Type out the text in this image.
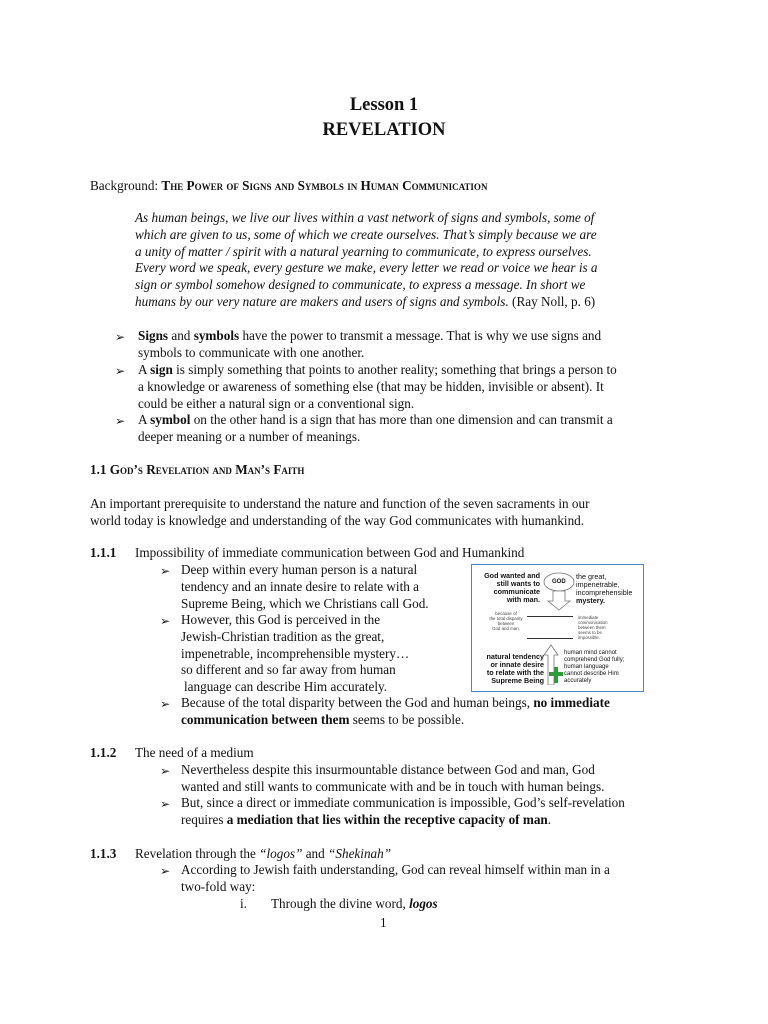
Lesson 1
REVELATION
Background: The Power of Signs and Symbols in Human Communication
As human beings, we live our lives within a vast network of signs and symbols, some of
which are given to us, some of which we create ourselves. That’s simply because we are
a unity of matter / spirit with a natural yearning to communicate, to express ourselves.
Every word we speak, every gesture we make, every letter we read or voice we hear is a
sign or symbol somehow designed to communicate, to express a message. In short we
humans by our very nature are makers and users of signs and symbols. (Ray Noll, p. 6)
➢ Signs and symbols have the power to transmit a message. That is why we use signs and
symbols to communicate with one another.
➢ A sign is simply something that points to another reality; something that brings a person to
a knowledge or awareness of something else (that may be hidden, invisible or absent). It
could be either a natural sign or a conventional sign.
➢ A symbol on the other hand is a sign that has more than one dimension and can transmit a
deeper meaning or a number of meanings.
1.1 God’s Revelation and Man’s Faith
An important prerequisite to understand the nature and function of the seven sacraments in our
world today is knowledge and understanding of the way God communicates with humankind.
1.1.1 Impossibility of immediate communication between God and Humankind
➢ Deep within every human person is a natural
tendency and an innate desire to relate with a
Supreme Being, which we Christians call God.
➢ However, this God is perceived in the
Jewish-Christian tradition as the great,
impenetrable, incomprehensible mystery…
so different and so far away from human
language can describe Him accurately.
➢ Because of the total disparity between the God and human beings, no immediate
communication between them seems to be possible.
God wanted and
still wants to
communicate
with man.
GOD
the great,
impenetrable,
incomprehensible
mystery.
because of
the total disparity
between
God and man,
immediate
communication
between them
seems to be
impossible.
natural tendency
or innate desire
to relate with the
Supreme Being
human mind cannot
comprehend God fully;
human language
cannot describe Him
accurately
1.1.2 The need of a medium
➢ Nevertheless despite this insurmountable distance between God and man, God
wanted and still wants to communicate with and be in touch with human beings.
➢ But, since a direct or immediate communication is impossible, God’s self-revelation
requires a mediation that lies within the receptive capacity of man.
1.1.3 Revelation through the “logos” and “Shekinah”
➢ According to Jewish faith understanding, God can reveal himself within man in a
two-fold way:
i. Through the divine word, logos
1
